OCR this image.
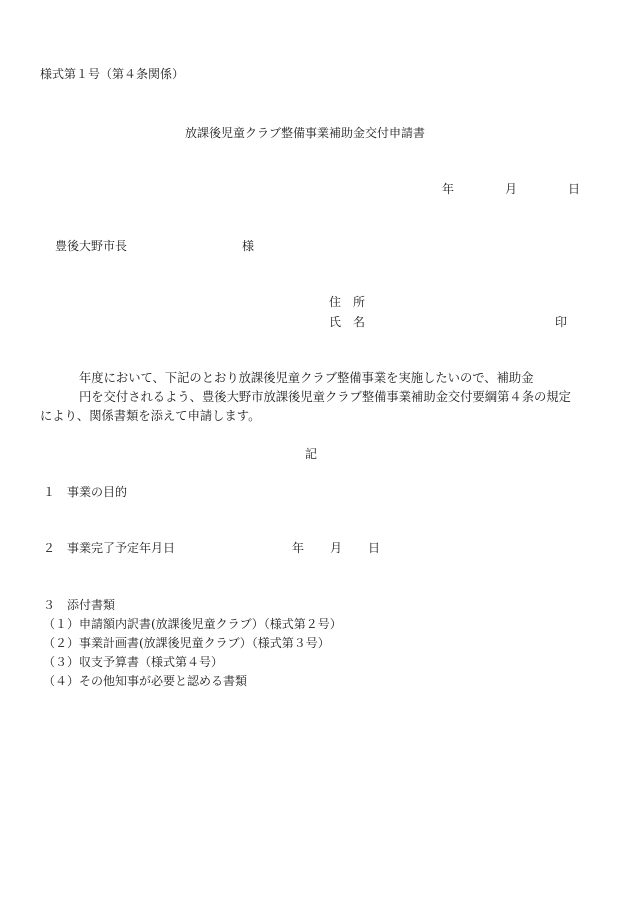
様式第１号（第４条関係）
放課後児童クラブ整備事業補助金交付申請書
年	月	日
豊後大野市長	様
住　所
氏　名	印
年度において、下記のとおり放課後児童クラブ整備事業を実施したいので、補助金
円を交付されるよう、豊後大野市放課後児童クラブ整備事業補助金交付要綱第４条の規定
により、関係書類を添えて申請します。
記
１　事業の目的
２　事業完了予定年月日	年 月 日
３　添付書類
（１）申請額内訳書(放課後児童クラブ）（様式第２号）
（２）事業計画書(放課後児童クラブ）（様式第３号）
（３）収支予算書（様式第４号）
（４）その他知事が必要と認める書類
